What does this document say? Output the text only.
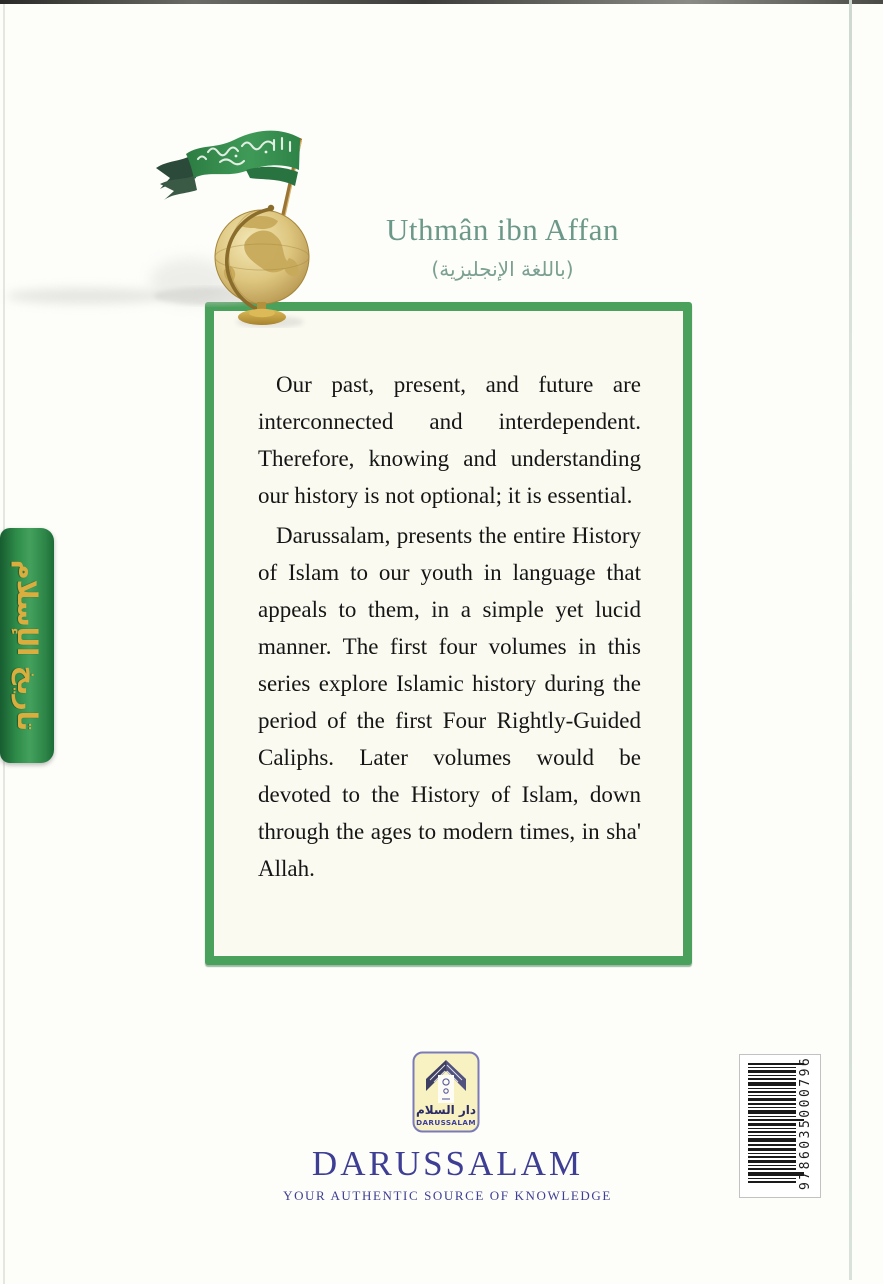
Uthmân ibn Affan
(باللغة الإنجليزية)

Our past, present, and future are interconnected and interdependent. Therefore, knowing and understanding our history is not optional; it is essential.

Darussalam, presents the entire History of Islam to our youth in language that appeals to them, in a simple yet lucid manner. The first four volumes in this series explore Islamic history during the period of the first Four Rightly-Guided Caliphs. Later volumes would be devoted to the History of Islam, down through the ages to modern times, in sha' Allah.

تاريخ الإسلام
دار السلام
DARUSSALAM
DARUSSALAM
YOUR AUTHENTIC SOURCE OF KNOWLEDGE
9786035000796
